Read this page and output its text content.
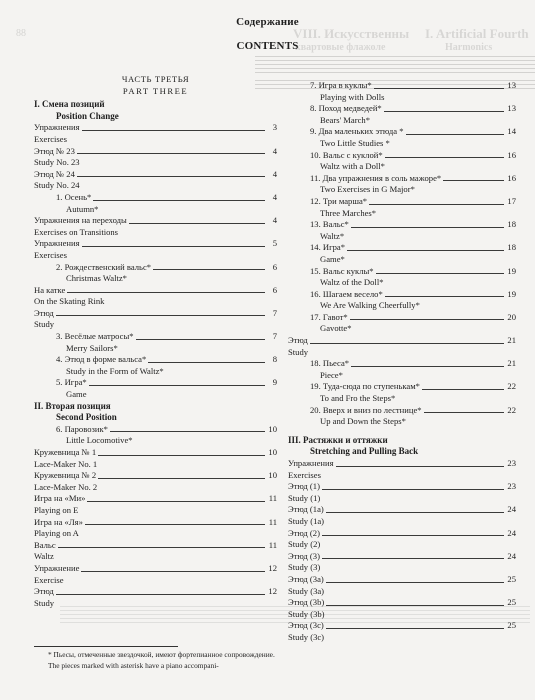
VIII. Искусственны I. Artificial Fourth
квартовые флажоле	Harmonics
88
Содержание
CONTENTS
ЧАСТЬ ТРЕТЬЯ
PART THREE
I. Смена позиций
Position Change
Упражнения	3
Exercises
Этюд № 23	4
Study No. 23
Этюд № 24	4
Study No. 24
1. Осень*	4
Autumn*
Упражнения на переходы	4
Exercises on Transitions
Упражнения	5
Exercises
2. Рождественский вальс*	6
Christmas Waltz*
На катке	6
On the Skating Rink
Этюд	7
Study
3. Весёлые матросы*	7
Merry Sailors*
4. Этюд в форме вальса*	8
Study in the Form of Waltz*
5. Игра*	9
Game
II. Вторая позиция
Second Position
6. Паровозик*	10
Little Locomotive*
Кружевница № 1	10
Lace-Maker No. 1
Кружевница № 2	10
Lace-Maker No. 2
Игра на «Ми»	11
Playing on E
Игра на «Ля»	11
Playing on A
Вальс	11
Waltz
Упражнение	12
Exercise
Этюд	12
Study
7. Игра в куклы*	13
Playing with Dolls
8. Поход медведей*	13
Bears' March*
9. Два маленьких этюда *	14
Two Little Studies *
10. Вальс с куклой*	16
Waltz with a Doll*
11. Два упражнения в соль мажоре*	16
Two Exercises in G Major*
12. Три марша*	17
Three Marches*
13. Вальс*	18
Waltz*
14. Игра*	18
Game*
15. Вальс куклы*	19
Waltz of the Doll*
16. Шагаем весело*	19
We Are Walking Cheerfully*
17. Гавот*	20
Gavotte*
Этюд	21
Study
18. Пьеса*	21
Piece*
19. Туда-сюда по ступенькам*	22
To and Fro the Steps*
20. Вверх и вниз по лестнице*	22
Up and Down the Steps*
III. Растяжки и оттяжки
Stretching and Pulling Back
Упражнения	23
Exercises
Этюд (1)	23
Study (1)
Этюд (1а)	24
Study (1а)
Этюд (2)	24
Study (2)
Этюд (3)	24
Study (3)
Этюд (3а)	25
Study (3а)
Этюд (3b)	25
Study (3b)
Этюд (3c)	25
Study (3c)
* Пьесы, отмеченные звездочкой, имеют фортепианное сопровождение.
The pieces marked with asterisk have a piano accompani-
